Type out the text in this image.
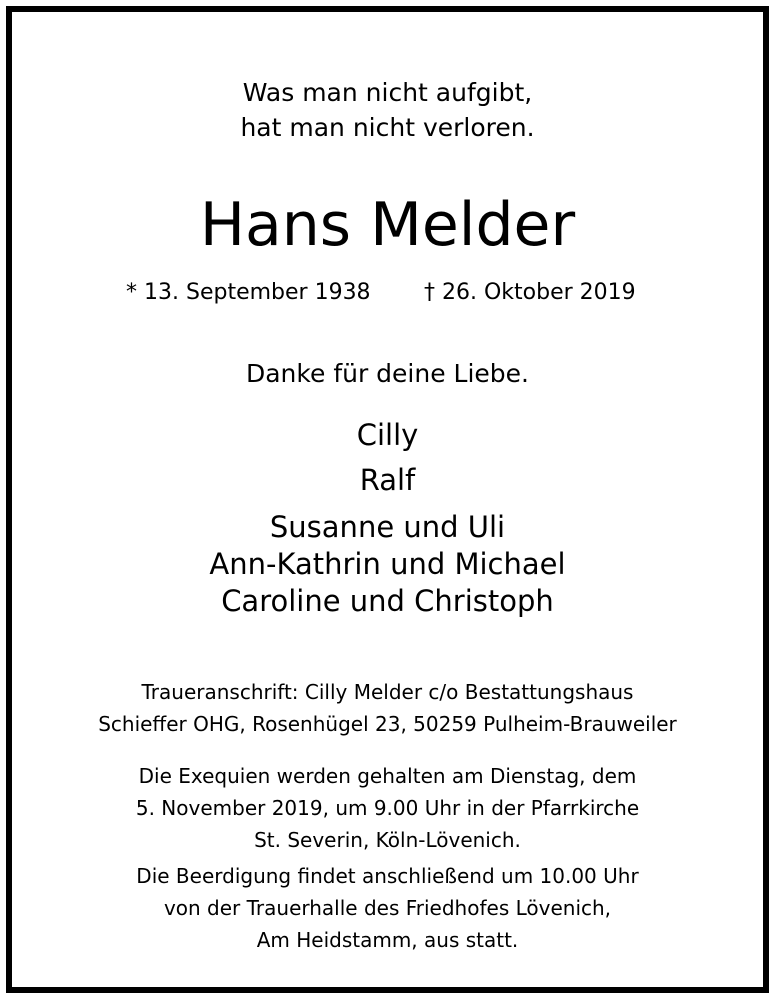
Was man nicht aufgibt,
hat man nicht verloren.
Hans Melder
* 13. September 1938 † 26. Oktober 2019
Danke für deine Liebe.
Cilly
Ralf
Susanne und Uli
Ann-Kathrin und Michael
Caroline und Christoph
Traueranschrift: Cilly Melder c/o Bestattungshaus
Schieffer OHG, Rosenhügel 23, 50259 Pulheim-Brauweiler
Die Exequien werden gehalten am Dienstag, dem
5. November 2019, um 9.00 Uhr in der Pfarrkirche
St. Severin, Köln-Lövenich.
Die Beerdigung findet anschließend um 10.00 Uhr
von der Trauerhalle des Friedhofes Lövenich,
Am Heidstamm, aus statt.
